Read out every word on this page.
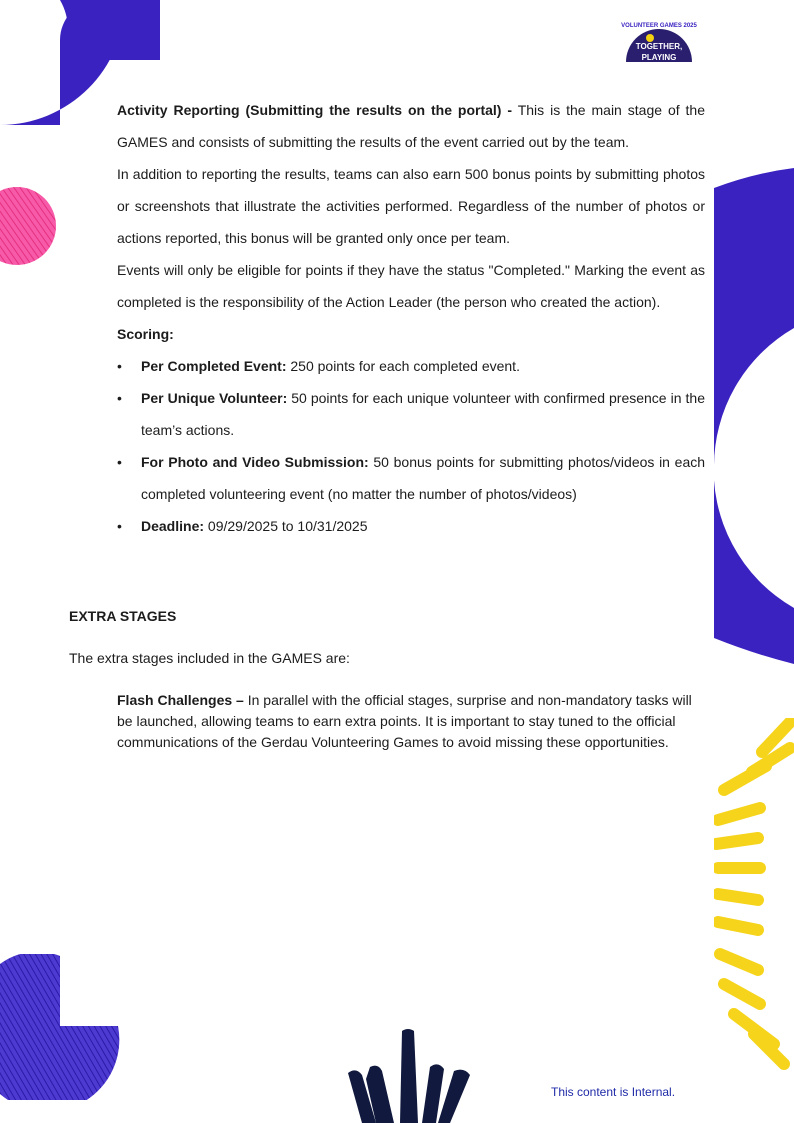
VOLUNTEER GAMES 2025
TOGETHER,
PLAYING

Activity Reporting (Submitting the results on the portal) - This is the main stage of the GAMES and consists of submitting the results of the event carried out by the team.

In addition to reporting the results, teams can also earn 500 bonus points by submitting photos or screenshots that illustrate the activities performed. Regardless of the number of photos or actions reported, this bonus will be granted only once per team.

Events will only be eligible for points if they have the status "Completed." Marking the event as completed is the responsibility of the Action Leader (the person who created the action).

Scoring:

• Per Completed Event: 250 points for each completed event.
• Per Unique Volunteer: 50 points for each unique volunteer with confirmed presence in the team’s actions.
• For Photo and Video Submission: 50 bonus points for submitting photos/videos in each completed volunteering event (no matter the number of photos/videos)
• Deadline: 09/29/2025 to 10/31/2025

EXTRA STAGES

The extra stages included in the GAMES are:

Flash Challenges – In parallel with the official stages, surprise and non-mandatory tasks will be launched, allowing teams to earn extra points. It is important to stay tuned to the official communications of the Gerdau Volunteering Games to avoid missing these opportunities.

This content is Internal.
